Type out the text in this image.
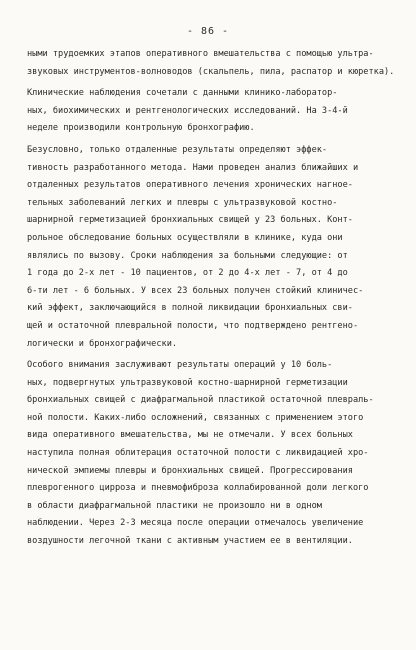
- 86 -
ными трудоемких этапов оперативного вмешательства с помощью ультра-
звуковых инструментов-волноводов (скальпель, пила, распатор и кюретка).
Клинические наблюдения сочетали с данными клинико-лаборатор-
ных, биохимических и рентгенологических исследований. На 3-4-й
неделе производили контрольную бронхографию.
Безусловно, только отдаленные результаты определяют эффек-
тивность разработанного метода. Нами проведен анализ ближайших и
отдаленных результатов оперативного лечения хронических нагное-
тельных заболеваний легких и плевры с ультразвуковой костно-
шарнирной герметизацией бронхиальных свищей у 23 больных. Конт-
рольное обследование больных осуществляли в клинике, куда они
являлись по вызову. Сроки наблюдения за больными следующие: от
1 года до 2-х лет - 10 пациентов, от 2 до 4-х лет - 7, от 4 до
6-ти лет - 6 больных. У всех 23 больных получен стойкий клиничес-
кий эффект, заключающийся в полной ликвидации бронхиальных сви-
щей и остаточной плевральной полости, что подтверждено рентгено-
логически и бронхографически.
Особого внимания заслуживают результаты операций у 10 боль-
ных, подвергнутых ультразвуковой костно-шарнирной герметизации
бронхиальных свищей с диафрагмальной пластикой остаточной плевраль-
ной полости. Каких-либо осложнений, связанных с применением этого
вида оперативного вмешательства, мы не отмечали. У всех больных
наступила полная облитерация остаточной полости с ликвидацией хро-
нической эмпиемы плевры и бронхиальных свищей. Прогрессирования
плеврогенного цирроза и пневмофиброза коллабированной доли легкого
в области диафрагмальной пластики не произошло ни в одном
наблюдении. Через 2-3 месяца после операции отмечалось увеличение
воздушности легочной ткани с активным участием ее в вентиляции.
